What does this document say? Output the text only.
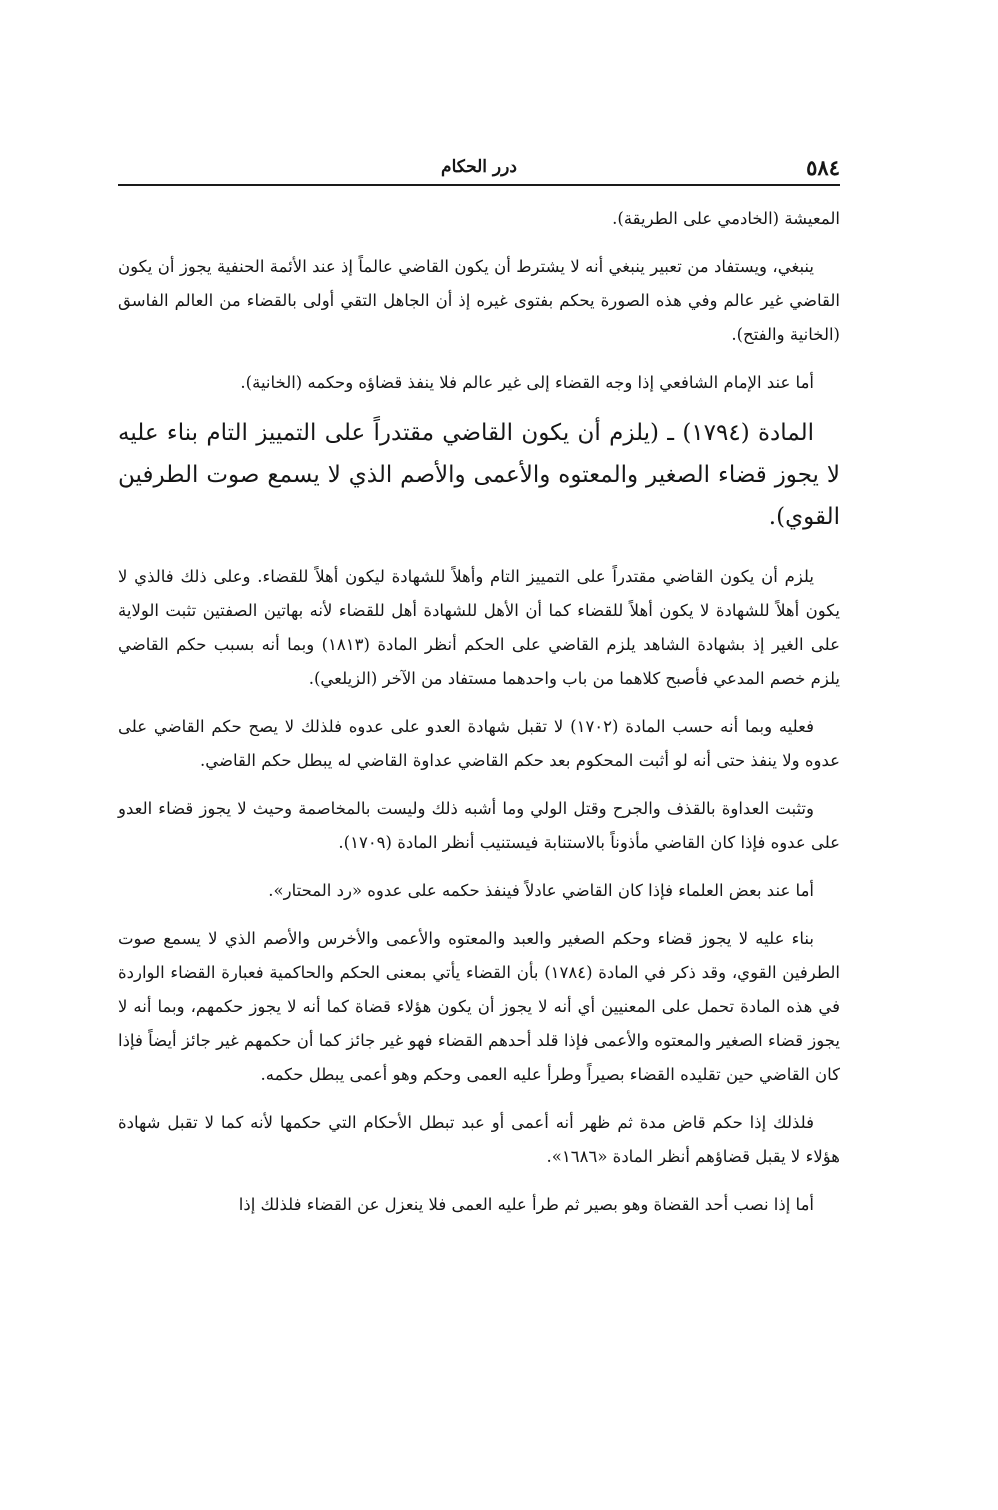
٥٨٤
درر الحكام

المعيشة (الخادمي على الطريقة).

ينبغي، ويستفاد من تعبير ينبغي أنه لا يشترط أن يكون القاضي عالماً إذ عند الأئمة الحنفية يجوز أن يكون القاضي غير عالم وفي هذه الصورة يحكم بفتوى غيره إذ أن الجاهل التقي أولى بالقضاء من العالم الفاسق (الخانية والفتح).

أما عند الإمام الشافعي إذا وجه القضاء إلى غير عالم فلا ينفذ قضاؤه وحكمه (الخانية).

المادة (١٧٩٤) ـ (يلزم أن يكون القاضي مقتدراً على التمييز التام بناء عليه لا يجوز قضاء الصغير والمعتوه والأعمى والأصم الذي لا يسمع صوت الطرفين القوي).

يلزم أن يكون القاضي مقتدراً على التمييز التام وأهلاً للشهادة ليكون أهلاً للقضاء. وعلى ذلك فالذي لا يكون أهلاً للشهادة لا يكون أهلاً للقضاء كما أن الأهل للشهادة أهل للقضاء لأنه بهاتين الصفتين تثبت الولاية على الغير إذ بشهادة الشاهد يلزم القاضي على الحكم أنظر المادة (١٨١٣) وبما أنه بسبب حكم القاضي يلزم خصم المدعي فأصبح كلاهما من باب واحدهما مستفاد من الآخر (الزيلعي).

فعليه وبما أنه حسب المادة (١٧٠٢) لا تقبل شهادة العدو على عدوه فلذلك لا يصح حكم القاضي على عدوه ولا ينفذ حتى أنه لو أثبت المحكوم بعد حكم القاضي عداوة القاضي له يبطل حكم القاضي.

وتثبت العداوة بالقذف والجرح وقتل الولي وما أشبه ذلك وليست بالمخاصمة وحيث لا يجوز قضاء العدو على عدوه فإذا كان القاضي مأذوناً بالاستنابة فيستنيب أنظر المادة (١٧٠٩).

أما عند بعض العلماء فإذا كان القاضي عادلاً فينفذ حكمه على عدوه «رد المحتار».

بناء عليه لا يجوز قضاء وحكم الصغير والعبد والمعتوه والأعمى والأخرس والأصم الذي لا يسمع صوت الطرفين القوي، وقد ذكر في المادة (١٧٨٤) بأن القضاء يأتي بمعنى الحكم والحاكمية فعبارة القضاء الواردة في هذه المادة تحمل على المعنيين أي أنه لا يجوز أن يكون هؤلاء قضاة كما أنه لا يجوز حكمهم، وبما أنه لا يجوز قضاء الصغير والمعتوه والأعمى فإذا قلد أحدهم القضاء فهو غير جائز كما أن حكمهم غير جائز أيضاً فإذا كان القاضي حين تقليده القضاء بصيراً وطرأ عليه العمى وحكم وهو أعمى يبطل حكمه.

فلذلك إذا حكم قاض مدة ثم ظهر أنه أعمى أو عبد تبطل الأحكام التي حكمها لأنه كما لا تقبل شهادة هؤلاء لا يقبل قضاؤهم أنظر المادة «١٦٨٦».

أما إذا نصب أحد القضاة وهو بصير ثم طرأ عليه العمى فلا ينعزل عن القضاء فلذلك إذا
